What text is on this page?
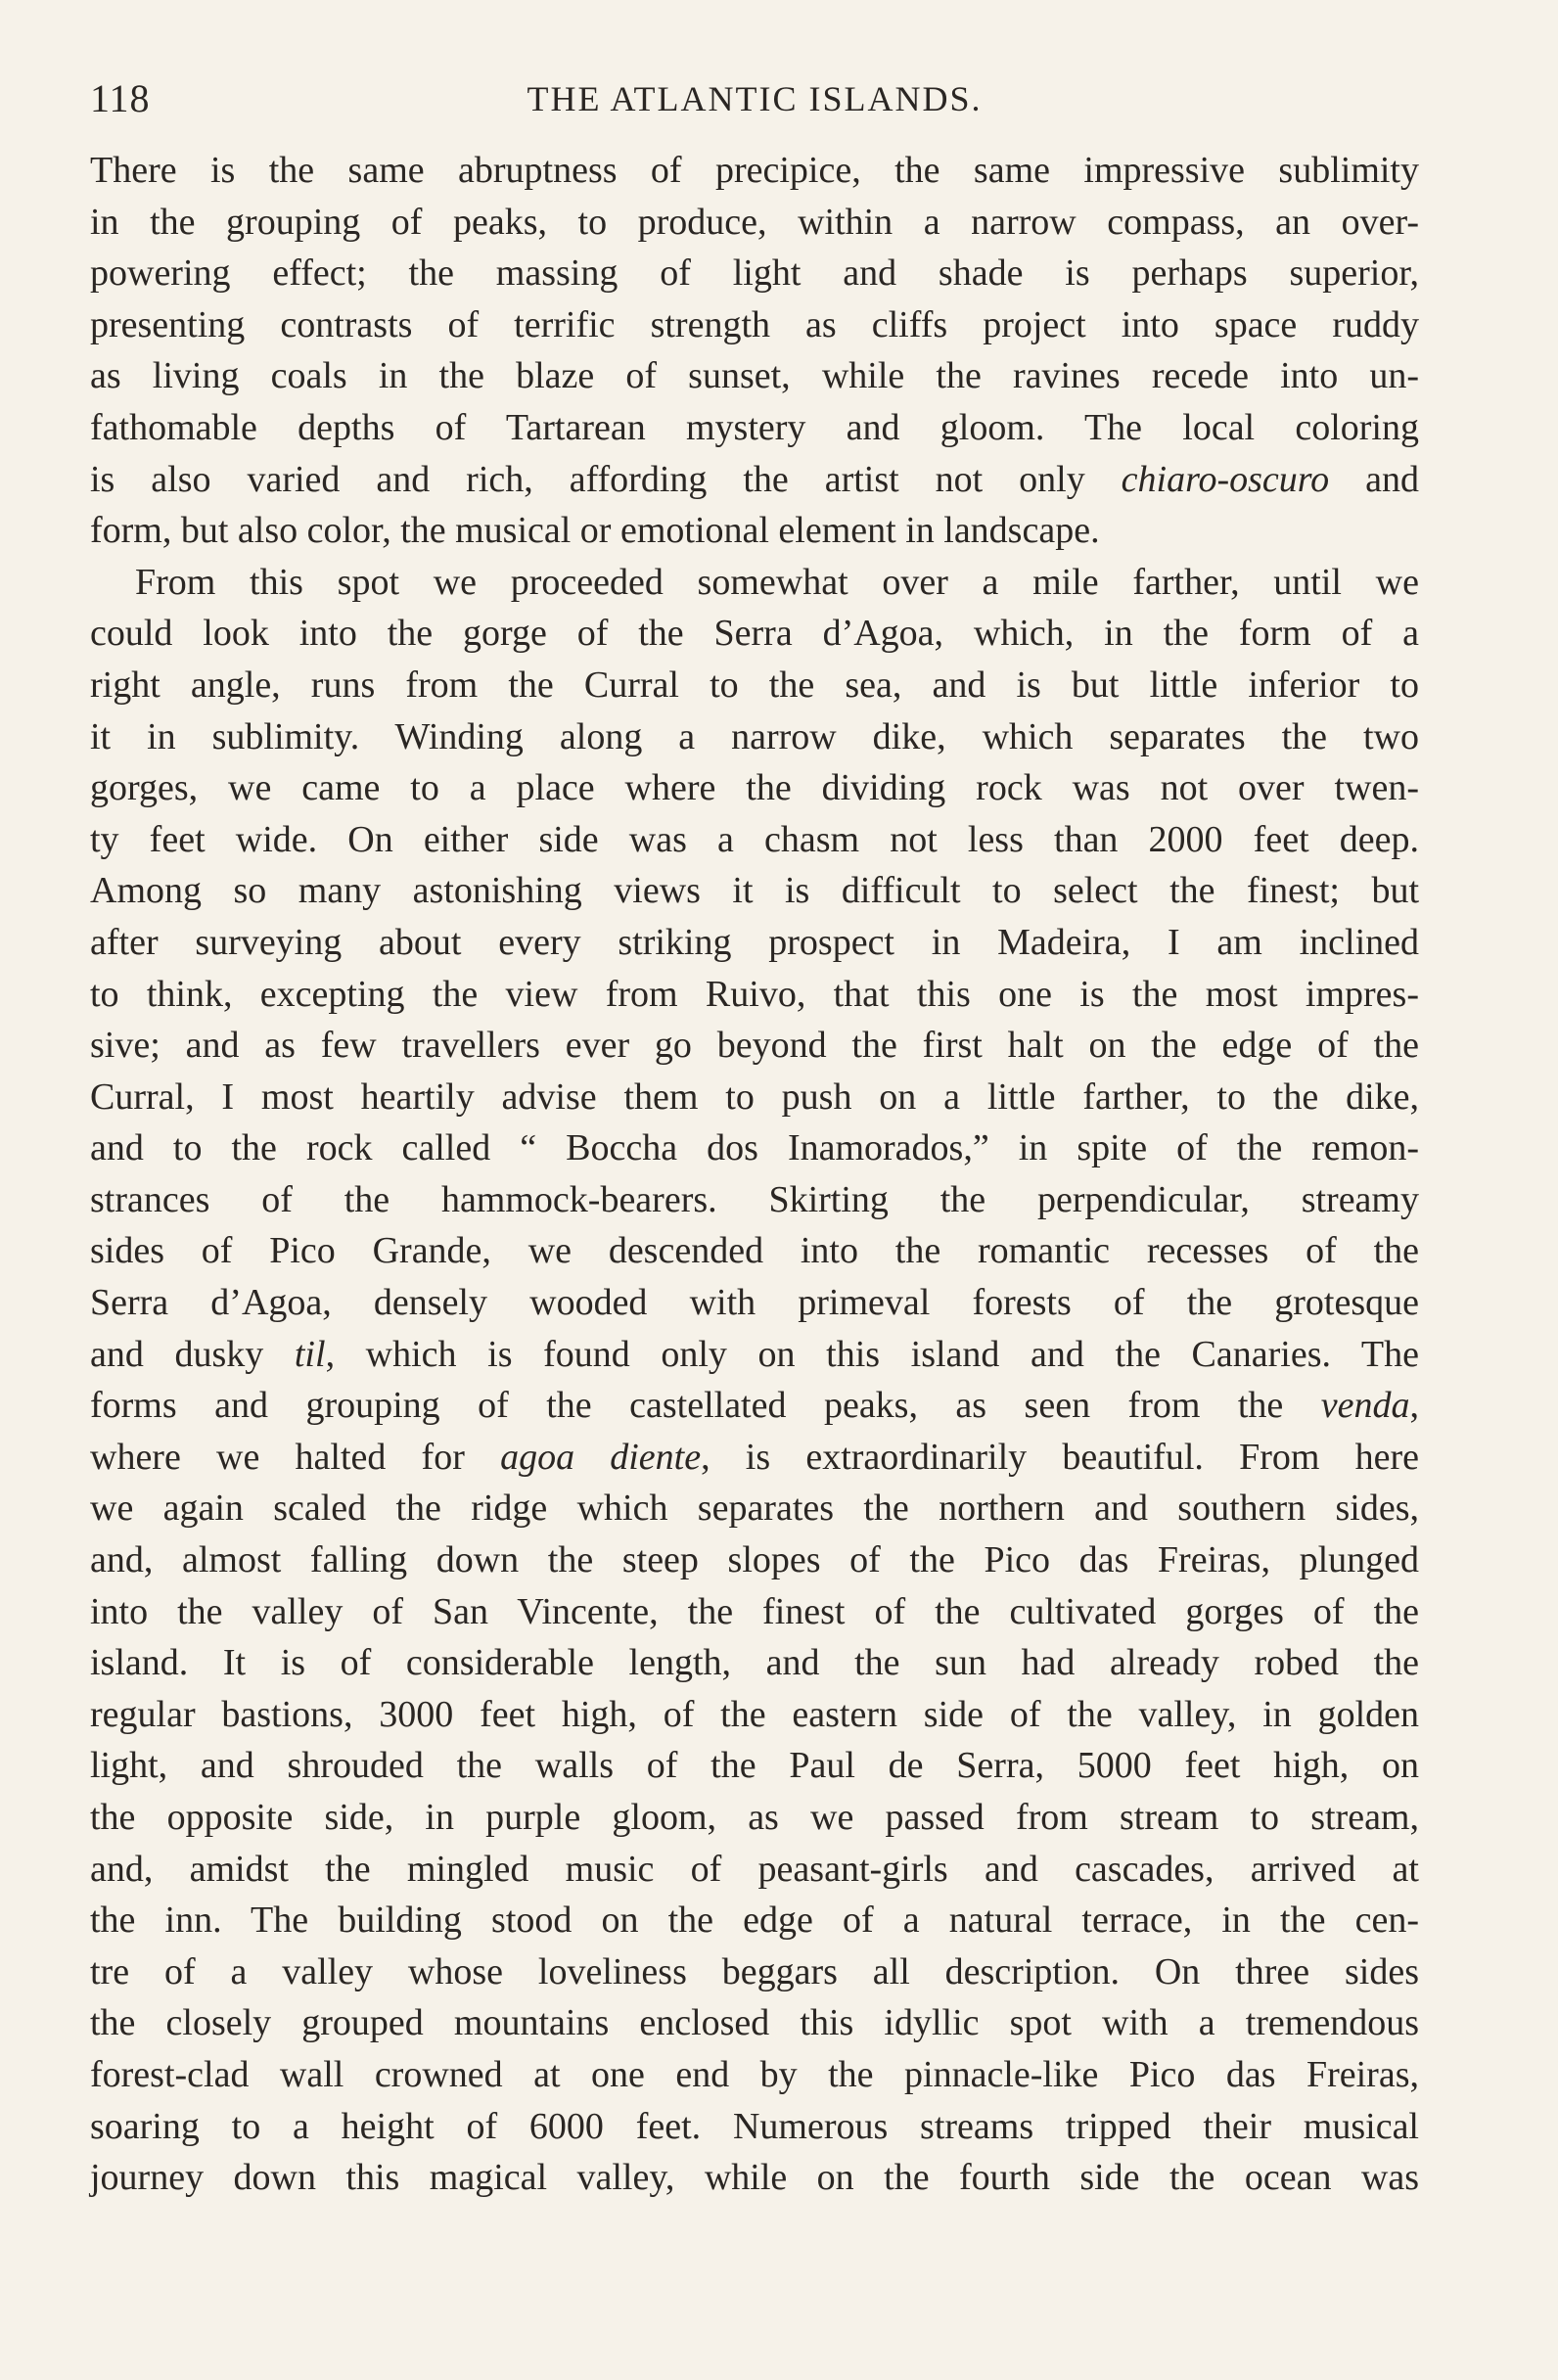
118	THE ATLANTIC ISLANDS.
There is the same abruptness of precipice, the same impressive sublimity
in the grouping of peaks, to produce, within a narrow compass, an over-
powering effect; the massing of light and shade is perhaps superior,
presenting contrasts of terrific strength as cliffs project into space ruddy
as living coals in the blaze of sunset, while the ravines recede into un-
fathomable depths of Tartarean mystery and gloom. The local coloring
is also varied and rich, affording the artist not only chiaro-oscuro and
form, but also color, the musical or emotional element in landscape.
From this spot we proceeded somewhat over a mile farther, until we
could look into the gorge of the Serra d’Agoa, which, in the form of a
right angle, runs from the Curral to the sea, and is but little inferior to
it in sublimity. Winding along a narrow dike, which separates the two
gorges, we came to a place where the dividing rock was not over twen-
ty feet wide. On either side was a chasm not less than 2000 feet deep.
Among so many astonishing views it is difficult to select the finest; but
after surveying about every striking prospect in Madeira, I am inclined
to think, excepting the view from Ruivo, that this one is the most impres-
sive; and as few travellers ever go beyond the first halt on the edge of the
Curral, I most heartily advise them to push on a little farther, to the dike,
and to the rock called “ Boccha dos Inamorados,” in spite of the remon-
strances of the hammock-bearers. Skirting the perpendicular, streamy
sides of Pico Grande, we descended into the romantic recesses of the
Serra d’Agoa, densely wooded with primeval forests of the grotesque
and dusky til, which is found only on this island and the Canaries. The
forms and grouping of the castellated peaks, as seen from the venda,
where we halted for agoa diente, is extraordinarily beautiful. From here
we again scaled the ridge which separates the northern and southern sides,
and, almost falling down the steep slopes of the Pico das Freiras, plunged
into the valley of San Vincente, the finest of the cultivated gorges of the
island. It is of considerable length, and the sun had already robed the
regular bastions, 3000 feet high, of the eastern side of the valley, in golden
light, and shrouded the walls of the Paul de Serra, 5000 feet high, on
the opposite side, in purple gloom, as we passed from stream to stream,
and, amidst the mingled music of peasant-girls and cascades, arrived at
the inn. The building stood on the edge of a natural terrace, in the cen-
tre of a valley whose loveliness beggars all description. On three sides
the closely grouped mountains enclosed this idyllic spot with a tremendous
forest-clad wall crowned at one end by the pinnacle-like Pico das Freiras,
soaring to a height of 6000 feet. Numerous streams tripped their musical
journey down this magical valley, while on the fourth side the ocean was
